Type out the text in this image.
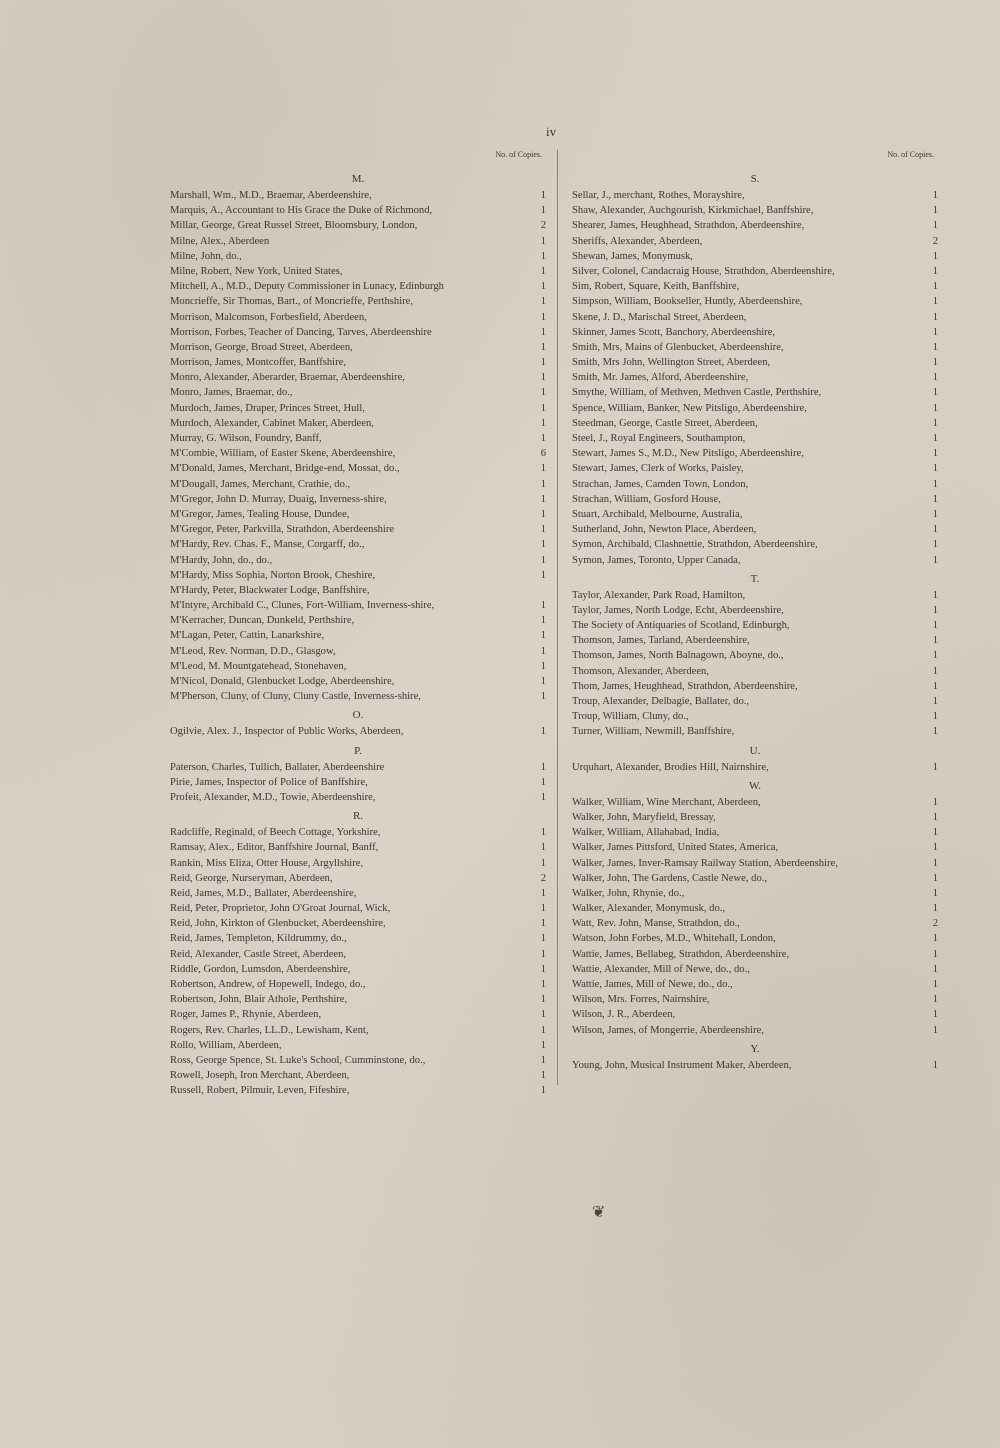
iv
No. of Copies.
M.
Marshall, Wm., M.D., Braemar, Aberdeenshire,	1
Marquis, A., Accountant to His Grace the Duke of Richmond,	1
Millar, George, Great Russel Street, Bloomsbury, London,	2
Milne, Alex., Aberdeen	1
Milne, John, do.,	1
Milne, Robert, New York, United States,	1
Mitchell, A., M.D., Deputy Commissioner in Lunacy, Edinburgh	1
Moncrieffe, Sir Thomas, Bart., of Moncrieffe, Perthshire,	1
Morrison, Malcomson, Forbesfield, Aberdeen,	1
Morrison, Forbes, Teacher of Dancing, Tarves, Aberdeenshire	1
Morrison, George, Broad Street, Aberdeen,	1
Morrison, James, Montcoffer, Banffshire,	1
Monro, Alexander, Aberarder, Braemar, Aberdeenshire,	1
Monro, James, Braemar, do.,	1
Murdoch, James, Draper, Princes Street, Hull,	1
Murdoch, Alexander, Cabinet Maker, Aberdeen,	1
Murray, G. Wilson, Foundry, Banff,	1
M'Combie, William, of Easter Skene, Aberdeenshire,	6
M'Donald, James, Merchant, Bridge-end, Mossat, do.,	1
M'Dougall, James, Merchant, Crathie, do.,	1
M'Gregor, John D. Murray, Duaig, Inverness-shire,	1
M'Gregor, James, Tealing House, Dundee,	1
M'Gregor, Peter, Parkvilla, Strathdon, Aberdeenshire	1
M'Hardy, Rev. Chas. F., Manse, Corgarff, do.,	1
M'Hardy, John, do., do.,	1
M'Hardy, Miss Sophia, Norton Brook, Cheshire,	1
M'Hardy, Peter, Blackwater Lodge, Banffshire,
M'Intyre, Archibald C., Clunes, Fort-William, Inverness-shire,	1
M'Kerracher, Duncan, Dunkeld, Perthshire,	1
M'Lagan, Peter, Cattin, Lanarkshire,	1
M'Leod, Rev. Norman, D.D., Glasgow,	1
M'Leod, M. Mountgatehead, Stonehaven,	1
M'Nicol, Donald, Glenbucket Lodge, Aberdeenshire,	1
M'Pherson, Cluny, of Cluny, Cluny Castle, Inverness-shire,	1
O.
Ogilvie, Alex. J., Inspector of Public Works, Aberdeen,	1
P.
Paterson, Charles, Tullich, Ballater, Aberdeenshire	1
Pirie, James, Inspector of Police of Banffshire,	1
Profeit, Alexander, M.D., Towie, Aberdeenshire,	1
R.
Radcliffe, Reginald, of Beech Cottage, Yorkshire,	1
Ramsay, Alex., Editor, Banffshire Journal, Banff,	1
Rankin, Miss Eliza, Otter House, Argyllshire,	1
Reid, George, Nurseryman, Aberdeen,	2
Reid, James, M.D., Ballater, Aberdeenshire,	1
Reid, Peter, Proprietor, John O'Groat Journal, Wick,	1
Reid, John, Kirkton of Glenbucket, Aberdeenshire,	1
Reid, James, Templeton, Kildrummy, do.,	1
Reid, Alexander, Castle Street, Aberdeen,	1
Riddle, Gordon, Lumsdon, Aberdeenshire,	1
Robertson, Andrew, of Hopewell, Indego, do.,	1
Robertson, John, Blair Athole, Perthshire,	1
Roger, James P., Rhynie, Aberdeen,	1
Rogers, Rev. Charles, LL.D., Lewisham, Kent,	1
Rollo, William, Aberdeen,	1
Ross, George Spence, St. Luke's School, Cumminstone, do.,	1
Rowell, Joseph, Iron Merchant, Aberdeen,	1
Russell, Robert, Pilmuir, Leven, Fifeshire,	1
No. of Copies.
S.
Sellar, J., merchant, Rothes, Morayshire,	1
Shaw, Alexander, Auchgourish, Kirkmichael, Banffshire,	1
Shearer, James, Heughhead, Strathdon, Aberdeenshire,	1
Sheriffs, Alexander, Aberdeen,	2
Shewan, James, Monymusk,	1
Silver, Colonel, Candacraig House, Strathdon, Aberdeenshire,	1
Sim, Robert, Square, Keith, Banffshire,	1
Simpson, William, Bookseller, Huntly, Aberdeenshire,	1
Skene, J. D., Marischal Street, Aberdeen,	1
Skinner, James Scott, Banchory, Aberdeenshire,	1
Smith, Mrs, Mains of Glenbucket, Aberdeenshire,	1
Smith, Mrs John, Wellington Street, Aberdeen,	1
Smith, Mr. James, Alford, Aberdeenshire,	1
Smythe, William, of Methven, Methven Castle, Perthshire,	1
Spence, William, Banker, New Pitsligo, Aberdeenshire,	1
Steedman, George, Castle Street, Aberdeen,	1
Steel, J., Royal Engineers, Southampton,	1
Stewart, James S., M.D., New Pitsligo, Aberdeenshire,	1
Stewart, James, Clerk of Works, Paisley,	1
Strachan, James, Camden Town, London,	1
Strachan, William, Gosford House,	1
Stuart, Archibald, Melbourne, Australia,	1
Sutherland, John, Newton Place, Aberdeen,	1
Symon, Archibald, Clashnettie, Strathdon, Aberdeenshire,	1
Symon, James, Toronto, Upper Canada,	1
T.
Taylor, Alexander, Park Road, Hamilton,	1
Taylor, James, North Lodge, Echt, Aberdeenshire,	1
The Society of Antiquaries of Scotland, Edinburgh,	1
Thomson, James, Tarland, Aberdeenshire,	1
Thomson, James, North Balnagown, Aboyne, do.,	1
Thomson, Alexander, Aberdeen,	1
Thom, James, Heughhead, Strathdon, Aberdeenshire,	1
Troup, Alexander, Delbagie, Ballater, do.,	1
Troup, William, Cluny, do.,	1
Turner, William, Newmill, Banffshire,	1
U.
Urquhart, Alexander, Brodies Hill, Nairnshire,	1
W.
Walker, William, Wine Merchant, Aberdeen,	1
Walker, John, Maryfield, Bressay,	1
Walker, William, Allahabad, India,	1
Walker, James Pittsford, United States, America,	1
Walker, James, Inver-Ramsay Railway Station, Aberdeenshire,	1
Walker, John, The Gardens, Castle Newe, do.,	1
Walker, John, Rhynie, do.,	1
Walker, Alexander, Monymusk, do.,	1
Watt, Rev. John, Manse, Strathdon, do.,	2
Watson, John Forbes, M.D., Whitehall, London,	1
Wattie, James, Bellabeg, Strathdon, Aberdeenshire,	1
Wattie, Alexander, Mill of Newe, do., do.,	1
Wattie, James, Mill of Newe, do., do.,	1
Wilson, Mrs. Forres, Nairnshire,	1
Wilson, J. R., Aberdeen,	1
Wilson, James, of Mongerrie, Aberdeenshire,	1
Y.
Young, John, Musical Instrument Maker, Aberdeen,	1
❦
